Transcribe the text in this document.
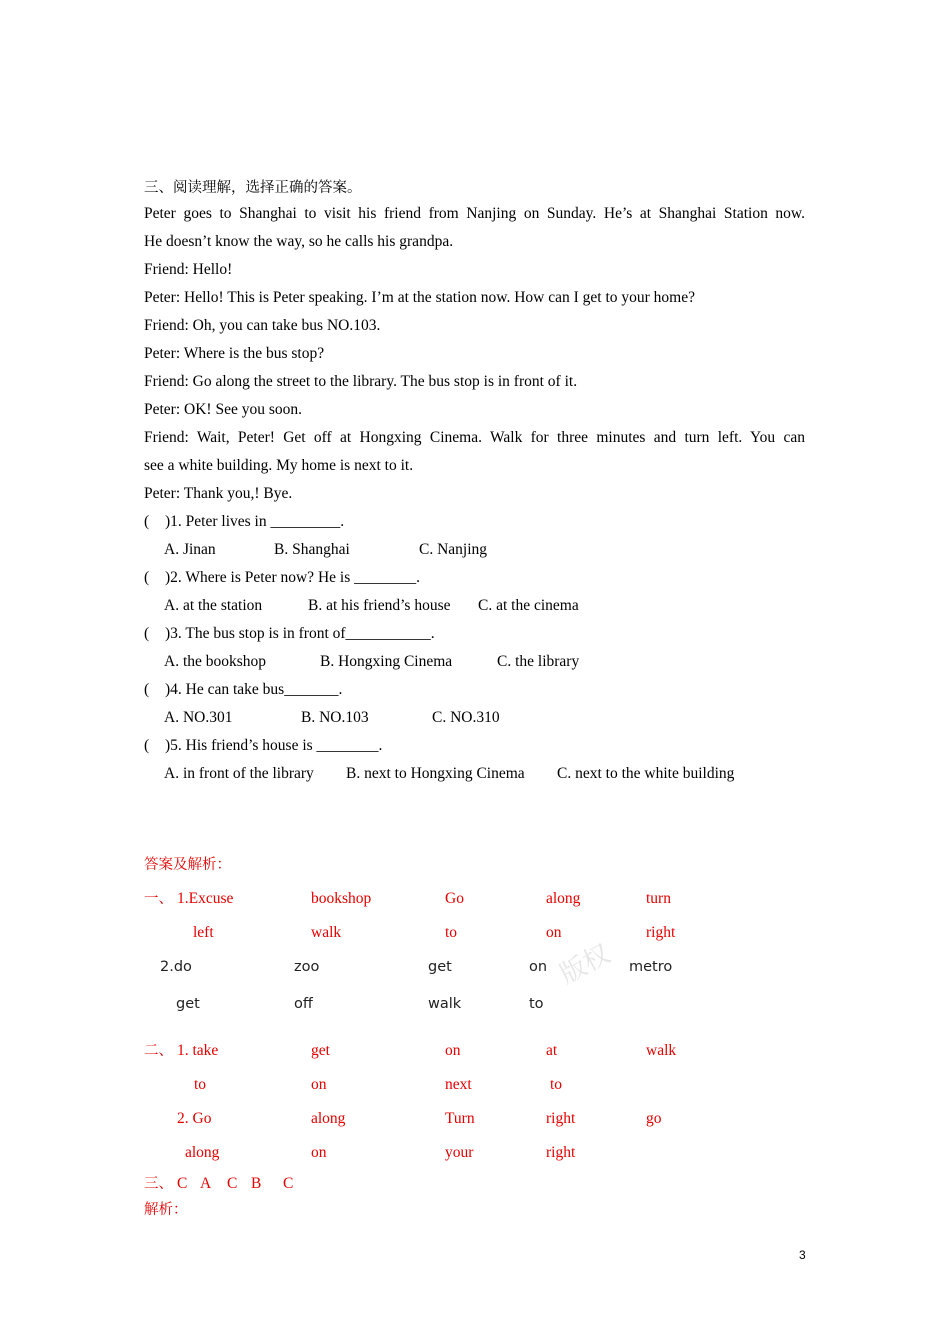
三、阅读理解，选择正确的答案。
Peter goes to Shanghai to visit his friend from Nanjing on Sunday. He’s at Shanghai Station now.
He doesn’t know the way, so he calls his grandpa.
Friend: Hello!
Peter: Hello! This is Peter speaking. I’m at the station now. How can I get to your home?
Friend: Oh, you can take bus NO.103.
Peter: Where is the bus stop?
Friend: Go along the street to the library. The bus stop is in front of it.
Peter: OK! See you soon.
Friend: Wait, Peter! Get off at Hongxing Cinema. Walk for three minutes and turn left. You can
see a white building. My home is next to it.
Peter: Thank you,! Bye.
( )1. Peter lives in _________.
A. Jinan	B. Shanghai	C. Nanjing
( )2. Where is Peter now? He is ________.
A. at the station	B. at his friend’s house C. at the cinema
( )3. The bus stop is in front of___________.
A. the bookshop	B. Hongxing Cinema	C. the library
( )4. He can take bus_______.
A. NO.301	B. NO.103	C. NO.310
( )5. His friend’s house is ________.
A. in front of the library B. next to Hongxing Cinema C. next to the white building
答案及解析：
一、 1.Excuse	bookshop	Go	along	turn
left	walk	to	on	right
版权
2.do	zoo	get	on	metro
get	off	walk	to
二、 1. take	get	on	at	walk
to	on	next	to
2. Go	along	Turn	right	go
along	on	your	right
三、 C A C B C
解析：
3
